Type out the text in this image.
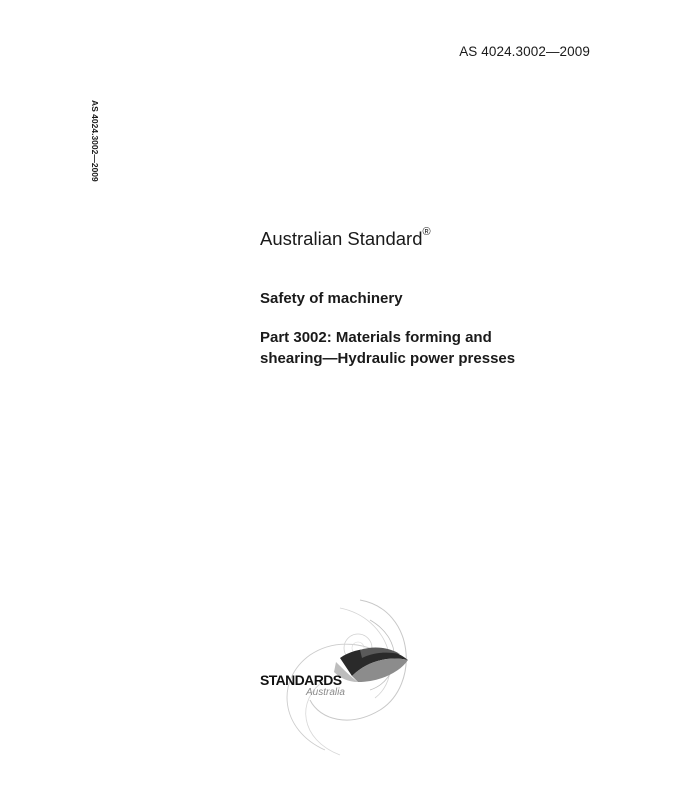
AS 4024.3002—2009
AS 4024.3002—2009
Australian Standard®
Safety of machinery
Part 3002: Materials forming and
shearing—Hydraulic power presses
STANDARDS
Australia
